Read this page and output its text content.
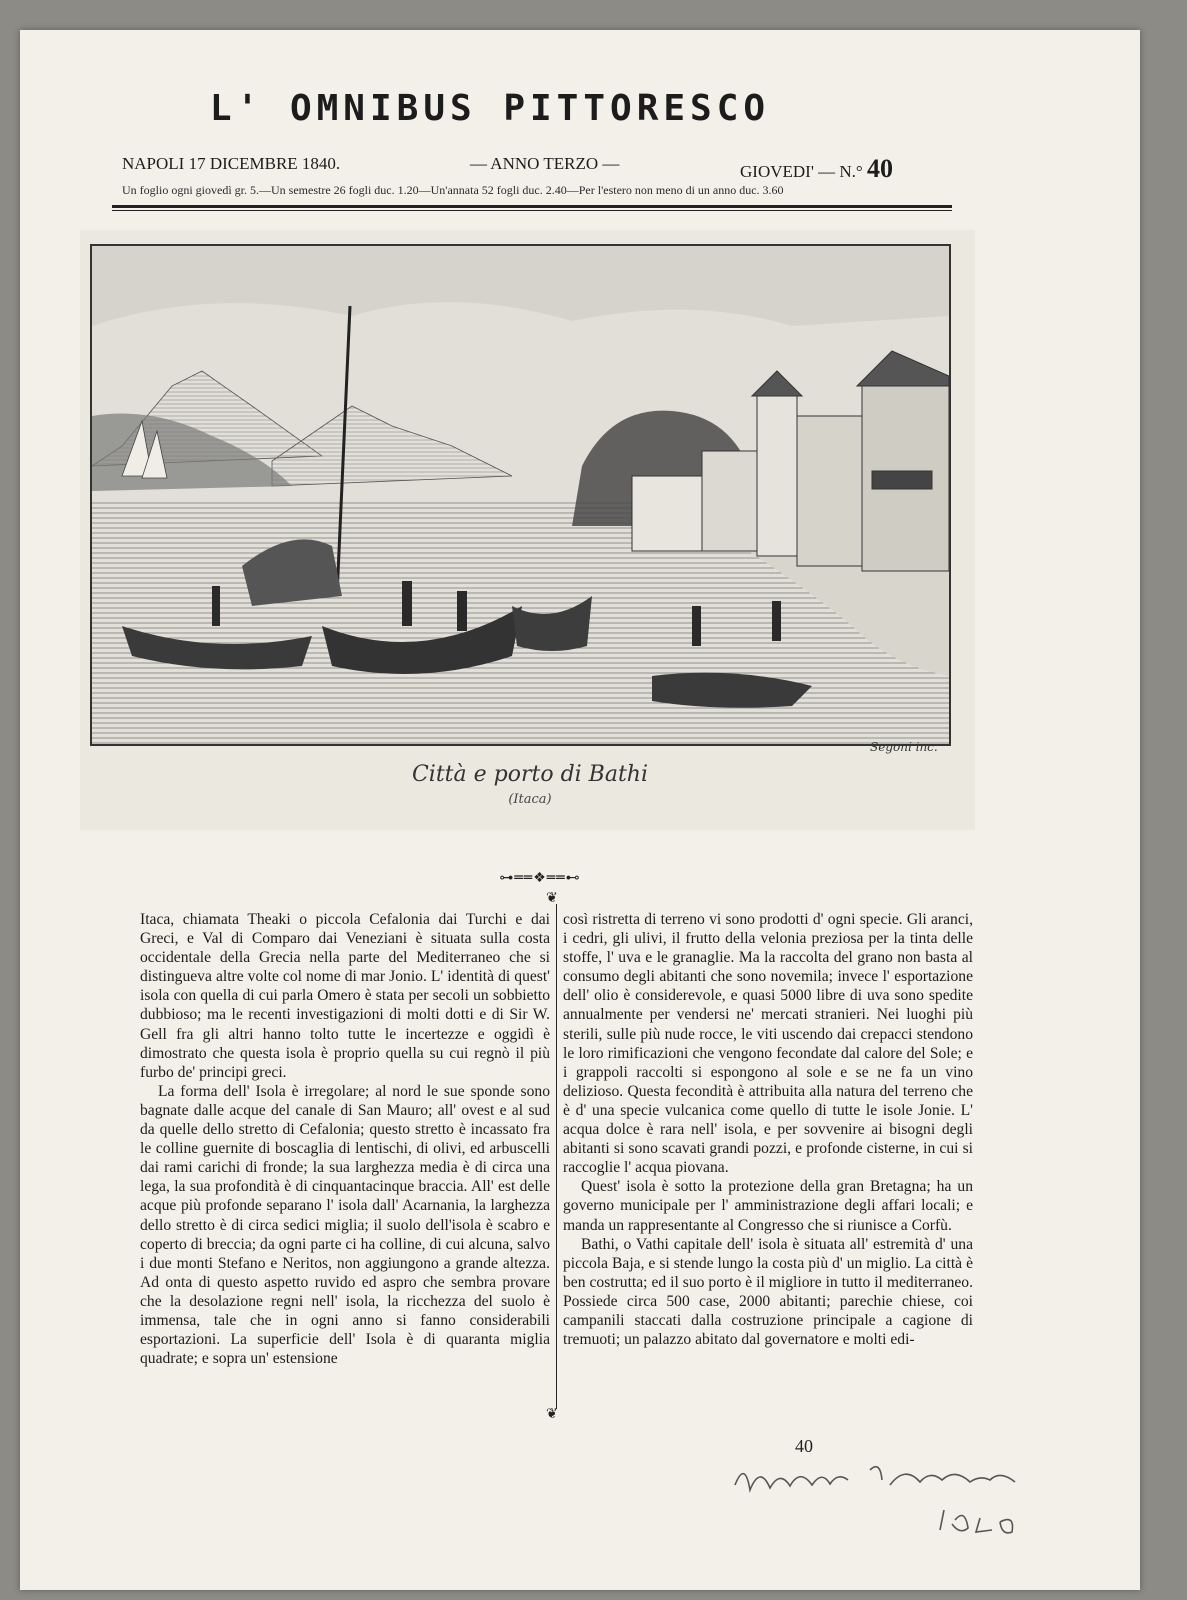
L' OMNIBUS PITTORESCO
NAPOLI 17 DICEMBRE 1840.	— ANNO TERZO —	GIOVEDI' — N.° 40
Un foglio ogni giovedì gr. 5.—Un semestre 26 fogli duc. 1.20—Un'annata 52 fogli duc. 2.40—Per l'estero non meno di un anno duc. 3.60
Segoni inc.
Città e porto di Bathi
(Itaca)
⊶══❖══⊷

Itaca, chiamata Theaki o piccola Cefalonia dai Turchi e dai Greci, e Val di Comparo dai Veneziani è situata sulla costa occidentale della Grecia nella parte del Mediterraneo che si distingueva altre volte col nome di mar Jonio. L' identità di quest' isola con quella di cui parla Omero è stata per secoli un sobbietto dubbioso; ma le recenti investigazioni di molti dotti e di Sir W. Gell fra gli altri hanno tolto tutte le incertezze e oggidì è dimostrato che questa isola è proprio quella su cui regnò il più furbo de' principi greci.

La forma dell' Isola è irregolare; al nord le sue sponde sono bagnate dalle acque del canale di San Mauro; all' ovest e al sud da quelle dello stretto di Cefalonia; questo stretto è incassato fra le colline guernite di boscaglia di lentischi, di olivi, ed arbuscelli dai rami carichi di fronde; la sua larghezza media è di circa una lega, la sua profondità è di cinquantacinque braccia. All' est delle acque più profonde separano l' isola dall' Acarnania, la larghezza dello stretto è di circa sedici miglia; il suolo dell'isola è scabro e coperto di breccia; da ogni parte ci ha colline, di cui alcuna, salvo i due monti Stefano e Neritos, non aggiungono a grande altezza. Ad onta di questo aspetto ruvido ed aspro che sembra provare che la desolazione regni nell' isola, la ricchezza del suolo è immensa, tale che in ogni anno si fanno considerabili esportazioni. La superficie dell' Isola è di quaranta miglia quadrate; e sopra un' estensione

❦
❦

così ristretta di terreno vi sono prodotti d' ogni specie. Gli aranci, i cedri, gli ulivi, il frutto della velonia preziosa per la tinta delle stoffe, l' uva e le granaglie. Ma la raccolta del grano non basta al consumo degli abitanti che sono novemila; invece l' esportazione dell' olio è considerevole, e quasi 5000 libre di uva sono spedite annualmente per vendersi ne' mercati stranieri. Nei luoghi più sterili, sulle più nude rocce, le viti uscendo dai crepacci stendono le loro rimificazioni che vengono fecondate dal calore del Sole; e i grappoli raccolti si espongono al sole e se ne fa un vino delizioso. Questa fecondità è attribuita alla natura del terreno che è d' una specie vulcanica come quello di tutte le isole Jonie. L' acqua dolce è rara nell' isola, e per sovvenire ai bisogni degli abitanti si sono scavati grandi pozzi, e profonde cisterne, in cui si raccoglie l' acqua piovana.

Quest' isola è sotto la protezione della gran Bretagna; ha un governo municipale per l' amministrazione degli affari locali; e manda un rappresentante al Congresso che si riunisce a Corfù.

Bathi, o Vathi capitale dell' isola è situata all' estremità d' una piccola Baja, e si stende lungo la costa più d' un miglio. La città è ben costrutta; ed il suo porto è il migliore in tutto il mediterraneo. Possiede circa 500 case, 2000 abitanti; parechie chiese, coi campanili staccati dalla costruzione principale a cagione di tremuoti; un palazzo abitato dal governatore e molti edi-

40
